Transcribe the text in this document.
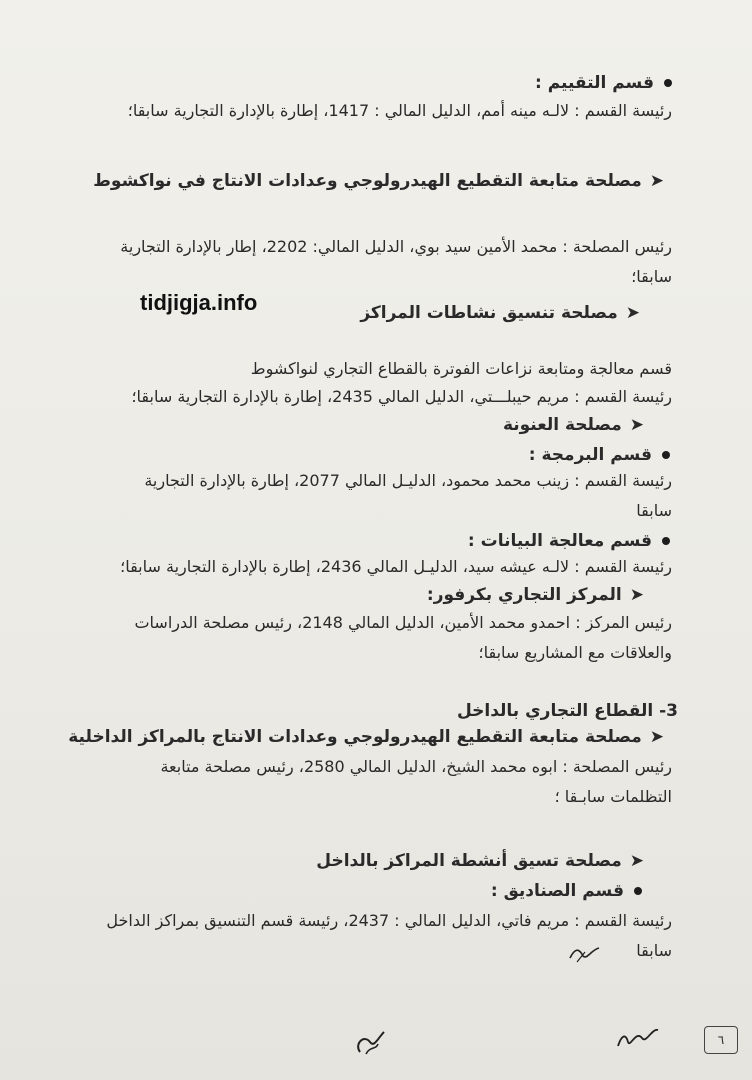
قسم التقييم :
رئيسة القسم : لالـه مينه أمم، الدليل المالي : 1417، إطارة بالإدارة التجارية سابقا؛
➤مصلحة متابعة التقطيع الهيدرولوجي وعدادات الانتاج في نواكشوط
رئيس المصلحة : محمد الأمين سيد بوي، الدليل المالي: 2202، إطار بالإدارة التجارية
سابقا؛
tidjigja.info	➤مصلحة تنسيق نشاطات المراكز
قسم معالجة ومتابعة نزاعات الفوترة بالقطاع التجاري لنواكشوط
رئيسة القسم : مريم حيبلـــتي، الدليل المالي 2435، إطارة بالإدارة التجارية سابقا؛
➤مصلحة العنونة
قسم البرمجة :
رئيسة القسم : زينب محمد محمود، الدليـل المالي 2077، إطارة بالإدارة التجارية
سابقا
قسم معالجة البيانات :
رئيسة القسم : لالـه عيشه سيد، الدليـل المالي 2436، إطارة بالإدارة التجارية سابقا؛
➤المركز التجاري بكرفور:
رئيس المركز : احمدو محمد الأمين، الدليل المالي 2148، رئيس مصلحة الدراسات
والعلاقات مع المشاريع سابقا؛
3- القطاع التجاري بالداخل
➤مصلحة متابعة التقطيع الهيدرولوجي وعدادات الانتاج بالمراكز الداخلية
رئيس المصلحة : ابوه محمد الشيخ، الدليل المالي 2580، رئيس مصلحة متابعة
التظلمات سابـقا ؛
➤مصلحة تسيق أنشطة المراكز بالداخل
قسم الصناديق :
رئيسة القسم : مريم فاتي، الدليل المالي : 2437، رئيسة قسم التنسيق بمراكز الداخل
سابقا
٦
